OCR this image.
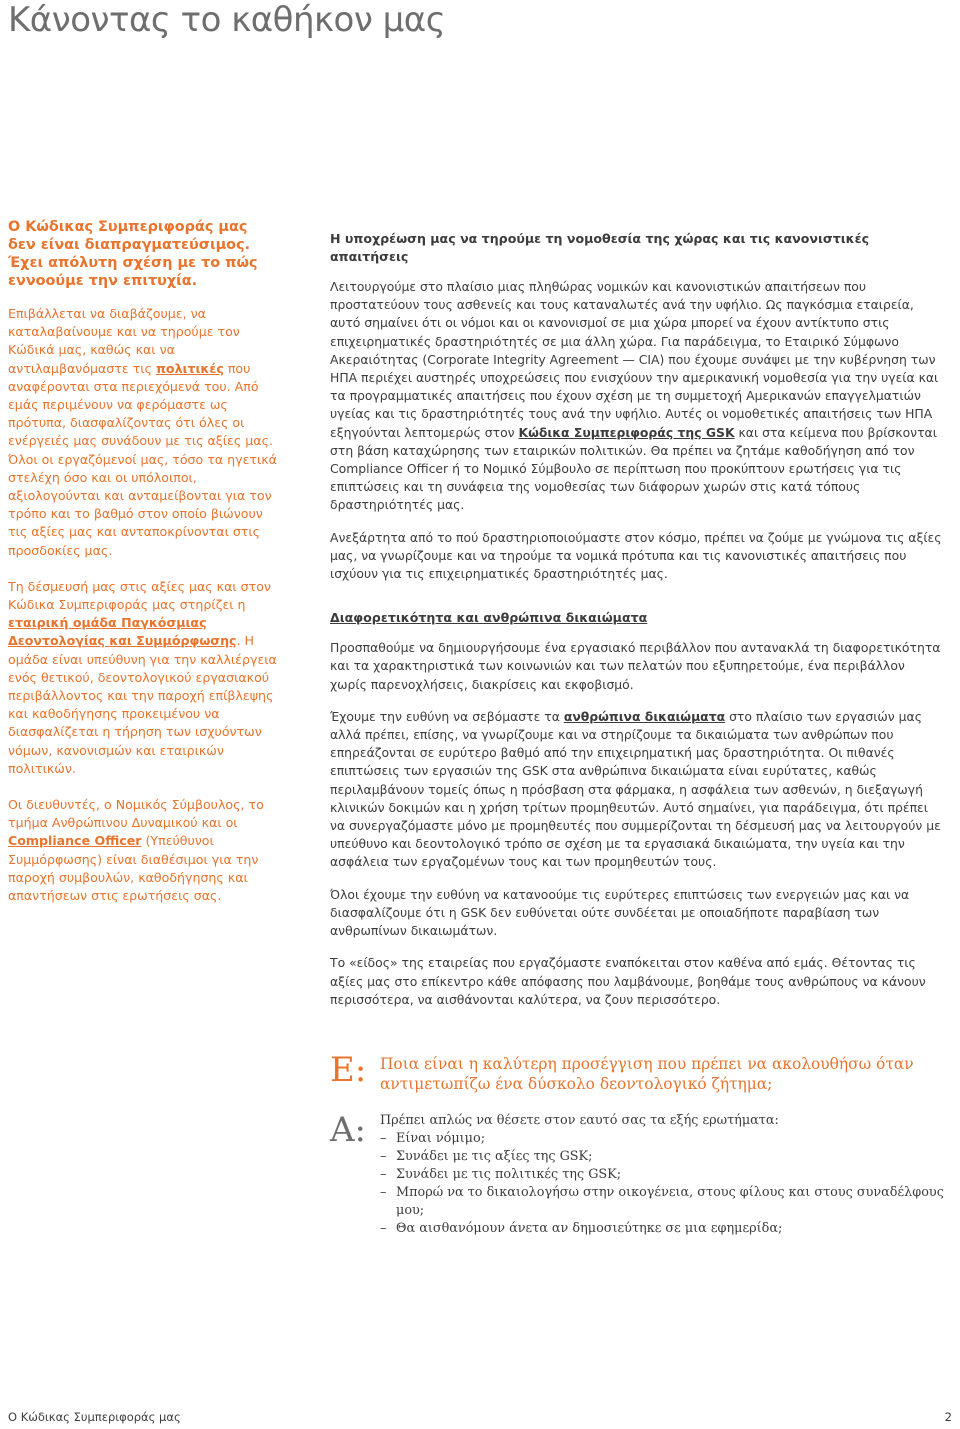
Κάνοντας το καθήκον μας

Ο Κώδικας Συμπεριφοράς μας δεν είναι διαπραγματεύσιμος. Έχει απόλυτη σχέση με το πώς εννοούμε την επιτυχία.

Επιβάλλεται να διαβάζουμε, να καταλαβαίνουμε και να τηρούμε τον Κώδικά μας, καθώς και να αντιλαμβανόμαστε τις πολιτικές που αναφέρονται στα περιεχόμενά του. Από εμάς περιμένουν να φερόμαστε ως πρότυπα, διασφαλίζοντας ότι όλες οι ενέργειές μας συνάδουν με τις αξίες μας. Όλοι οι εργαζόμενοί μας, τόσο τα ηγετικά στελέχη όσο και οι υπόλοιποι, αξιολογούνται και ανταμείβονται για τον τρόπο και το βαθμό στον οποίο βιώνουν τις αξίες μας και ανταποκρίνονται στις προσδοκίες μας.

Τη δέσμευσή μας στις αξίες μας και στον Κώδικα Συμπεριφοράς μας στηρίζει η εταιρική ομάδα Παγκόσμιας Δεοντολογίας και Συμμόρφωσης. Η ομάδα είναι υπεύθυνη για την καλλιέργεια ενός θετικού, δεοντολογικού εργασιακού περιβάλλοντος και την παροχή επίβλεψης και καθοδήγησης προκειμένου να διασφαλίζεται η τήρηση των ισχυόντων νόμων, κανονισμών και εταιρικών πολιτικών.

Οι διευθυντές, ο Νομικός Σύμβουλος, το τμήμα Ανθρώπινου Δυναμικού και οι Compliance Officer (Υπεύθυνοι Συμμόρφωσης) είναι διαθέσιμοι για την παροχή συμβουλών, καθοδήγησης και απαντήσεων στις ερωτήσεις σας.

Η υποχρέωση μας να τηρούμε τη νομοθεσία της χώρας και τις κανονιστικές απαιτήσεις

Λειτουργούμε στο πλαίσιο μιας πληθώρας νομικών και κανονιστικών απαιτήσεων που προστατεύουν τους ασθενείς και τους καταναλωτές ανά την υφήλιο. Ως παγκόσμια εταιρεία, αυτό σημαίνει ότι οι νόμοι και οι κανονισμοί σε μια χώρα μπορεί να έχουν αντίκτυπο στις επιχειρηματικές δραστηριότητές σε μια άλλη χώρα. Για παράδειγμα, το Εταιρικό Σύμφωνο Ακεραιότητας (Corporate Integrity Agreement — CIA) που έχουμε συνάψει με την κυβέρνηση των ΗΠΑ περιέχει αυστηρές υποχρεώσεις που ενισχύουν την αμερικανική νομοθεσία για την υγεία και τα προγραμματικές απαιτήσεις που έχουν σχέση με τη συμμετοχή Αμερικανών επαγγελματιών υγείας και τις δραστηριότητές τους ανά την υφήλιο. Αυτές οι νομοθετικές απαιτήσεις των ΗΠΑ εξηγούνται λεπτομερώς στον Κώδικα Συμπεριφοράς της GSK και στα κείμενα που βρίσκονται στη βάση καταχώρησης των εταιρικών πολιτικών. Θα πρέπει να ζητάμε καθοδήγηση από τον Compliance Officer ή το Νομικό Σύμβουλο σε περίπτωση που προκύπτουν ερωτήσεις για τις επιπτώσεις και τη συνάφεια της νομοθεσίας των διάφορων χωρών στις κατά τόπους δραστηριότητές μας.

Ανεξάρτητα από το πού δραστηριοποιούμαστε στον κόσμο, πρέπει να ζούμε με γνώμονα τις αξίες μας, να γνωρίζουμε και να τηρούμε τα νομικά πρότυπα και τις κανονιστικές απαιτήσεις που ισχύουν για τις επιχειρηματικές δραστηριότητές μας.

Διαφορετικότητα και ανθρώπινα δικαιώματα

Προσπαθούμε να δημιουργήσουμε ένα εργασιακό περιβάλλον που αντανακλά τη διαφορετικότητα και τα χαρακτηριστικά των κοινωνιών και των πελατών που εξυπηρετούμε, ένα περιβάλλον χωρίς παρενοχλήσεις, διακρίσεις και εκφοβισμό.

Έχουμε την ευθύνη να σεβόμαστε τα ανθρώπινα δικαιώματα στο πλαίσιο των εργασιών μας αλλά πρέπει, επίσης, να γνωρίζουμε και να στηρίζουμε τα δικαιώματα των ανθρώπων που επηρεάζονται σε ευρύτερο βαθμό από την επιχειρηματική μας δραστηριότητα. Οι πιθανές επιπτώσεις των εργασιών της GSK στα ανθρώπινα δικαιώματα είναι ευρύτατες, καθώς περιλαμβάνουν τομείς όπως η πρόσβαση στα φάρμακα, η ασφάλεια των ασθενών, η διεξαγωγή κλινικών δοκιμών και η χρήση τρίτων προμηθευτών. Αυτό σημαίνει, για παράδειγμα, ότι πρέπει να συνεργαζόμαστε μόνο με προμηθευτές που συμμερίζονται τη δέσμευσή μας να λειτουργούν με υπεύθυνο και δεοντολογικό τρόπο σε σχέση με τα εργασιακά δικαιώματα, την υγεία και την ασφάλεια των εργαζομένων τους και των προμηθευτών τους.

Όλοι έχουμε την ευθύνη να κατανοούμε τις ευρύτερες επιπτώσεις των ενεργειών μας και να διασφαλίζουμε ότι η GSK δεν ευθύνεται ούτε συνδέεται με οποιαδήποτε παραβίαση των ανθρωπίνων δικαιωμάτων.

Το «είδος» της εταιρείας που εργαζόμαστε εναπόκειται στον καθένα από εμάς. Θέτοντας τις αξίες μας στο επίκεντρο κάθε απόφασης που λαμβάνουμε, βοηθάμε τους ανθρώπους να κάνουν περισσότερα, να αισθάνονται καλύτερα, να ζουν περισσότερο.

Ε: Ποια είναι η καλύτερη προσέγγιση που πρέπει να ακολουθήσω όταν αντιμετωπίζω ένα δύσκολο δεοντολογικό ζήτημα;
Α:	Πρέπει απλώς να θέσετε στον εαυτό σας τα εξής ερωτήματα:
– Είναι νόμιμο;
– Συνάδει με τις αξίες της GSK;
– Συνάδει με τις πολιτικές της GSK;
– Μπορώ να το δικαιολογήσω στην οικογένεια, στους φίλους και στους συναδέλφους μου;
– Θα αισθανόμουν άνετα αν δημοσιεύτηκε σε μια εφημερίδα;
Ο Κώδικας Συμπεριφοράς μας	2
